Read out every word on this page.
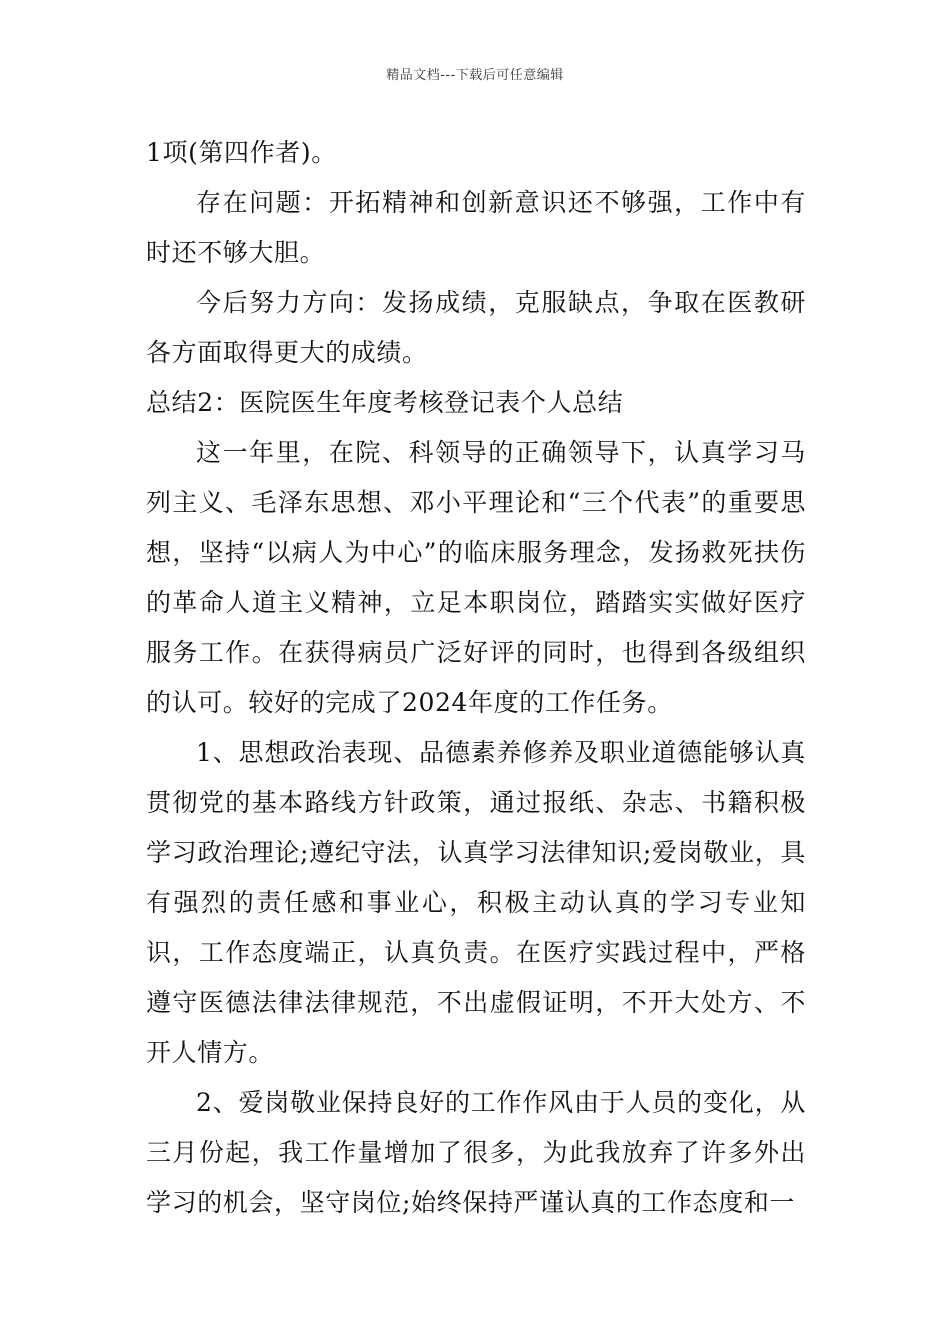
精品文档---下载后可任意编辑

1项(第四作者)。

存在问题：开拓精神和创新意识还不够强，工作中有时还不够大胆。

今后努力方向：发扬成绩，克服缺点，争取在医教研各方面取得更大的成绩。

总结2：医院医生年度考核登记表个人总结

这一年里，在院、科领导的正确领导下，认真学习马列主义、毛泽东思想、邓小平理论和“三个代表”的重要思想，坚持“以病人为中心”的临床服务理念，发扬救死扶伤的革命人道主义精神，立足本职岗位，踏踏实实做好医疗服务工作。在获得病员广泛好评的同时，也得到各级组织的认可。较好的完成了2024年度的工作任务。

1、思想政治表现、品德素养修养及职业道德能够认真贯彻党的基本路线方针政策，通过报纸、杂志、书籍积极学习政治理论;遵纪守法，认真学习法律知识;爱岗敬业，具有强烈的责任感和事业心，积极主动认真的学习专业知识，工作态度端正，认真负责。在医疗实践过程中，严格遵守医德法律法律规范，不出虚假证明，不开大处方、不开人情方。

2、爱岗敬业保持良好的工作作风由于人员的变化，从三月份起，我工作量增加了很多，为此我放弃了许多外出学习的机会，坚守岗位;始终保持严谨认真的工作态度和一
